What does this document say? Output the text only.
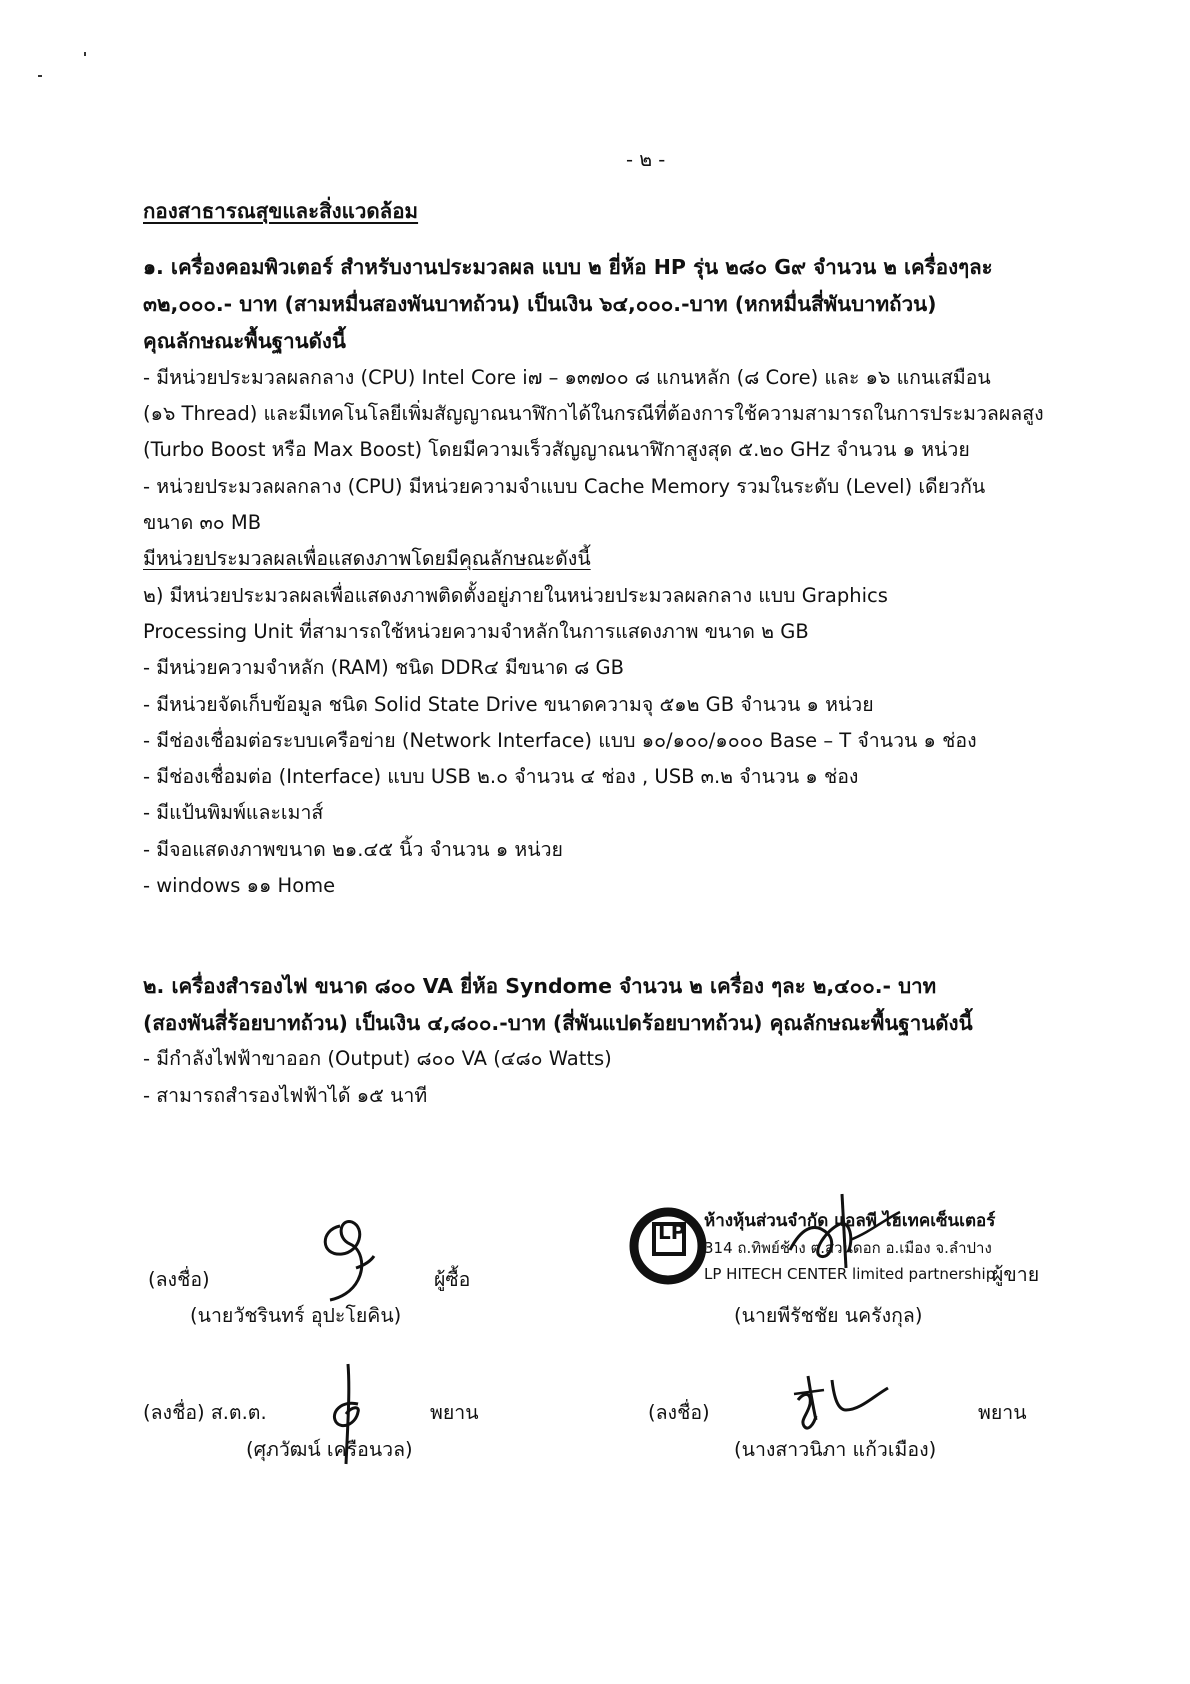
- ๒ -
กองสาธารณสุขและสิ่งแวดล้อม
๑. เครื่องคอมพิวเตอร์ สำหรับงานประมวลผล แบบ ๒ ยี่ห้อ HP รุ่น ๒๘๐ G๙ จำนวน ๒ เครื่องๆละ
๓๒,๐๐๐.- บาท (สามหมื่นสองพันบาทถ้วน) เป็นเงิน ๖๔,๐๐๐.-บาท (หกหมื่นสี่พันบาทถ้วน)
คุณลักษณะพื้นฐานดังนี้
- มีหน่วยประมวลผลกลาง (CPU) Intel Core i๗ – ๑๓๗๐๐ ๘ แกนหลัก (๘ Core) และ ๑๖ แกนเสมือน
(๑๖ Thread) และมีเทคโนโลยีเพิ่มสัญญาณนาฬิกาได้ในกรณีที่ต้องการใช้ความสามารถในการประมวลผลสูง
(Turbo Boost หรือ Max Boost) โดยมีความเร็วสัญญาณนาฬิกาสูงสุด ๕.๒๐ GHz จำนวน ๑ หน่วย
- หน่วยประมวลผลกลาง (CPU) มีหน่วยความจำแบบ Cache Memory รวมในระดับ (Level) เดียวกัน
ขนาด ๓๐ MB
มีหน่วยประมวลผลเพื่อแสดงภาพโดยมีคุณลักษณะดังนี้
๒) มีหน่วยประมวลผลเพื่อแสดงภาพติดตั้งอยู่ภายในหน่วยประมวลผลกลาง แบบ Graphics
Processing Unit ที่สามารถใช้หน่วยความจำหลักในการแสดงภาพ ขนาด ๒ GB
- มีหน่วยความจำหลัก (RAM) ชนิด DDR๔ มีขนาด ๘ GB
- มีหน่วยจัดเก็บข้อมูล ชนิด Solid State Drive ขนาดความจุ ๕๑๒ GB จำนวน ๑ หน่วย
- มีช่องเชื่อมต่อระบบเครือข่าย (Network Interface) แบบ ๑๐/๑๐๐/๑๐๐๐ Base – T จำนวน ๑ ช่อง
- มีช่องเชื่อมต่อ (Interface) แบบ USB ๒.๐ จำนวน ๔ ช่อง , USB ๓.๒ จำนวน ๑ ช่อง
- มีแป้นพิมพ์และเมาส์
- มีจอแสดงภาพขนาด ๒๑.๔๕ นิ้ว จำนวน ๑ หน่วย
- windows ๑๑ Home
๒. เครื่องสำรองไฟ ขนาด ๘๐๐ VA ยี่ห้อ Syndome จำนวน ๒ เครื่อง ๆละ ๒,๔๐๐.- บาท
(สองพันสี่ร้อยบาทถ้วน) เป็นเงิน ๔,๘๐๐.-บาท (สี่พันแปดร้อยบาทถ้วน) คุณลักษณะพื้นฐานดังนี้
- มีกำลังไฟฟ้าขาออก (Output) ๘๐๐ VA (๔๘๐ Watts)
- สามารถสำรองไฟฟ้าได้ ๑๕ นาที
(ลงชื่อ)	ผู้ซื้อ
(นายวัชรินทร์ อุปะโยคิน)
LP ห้างหุ้นส่วนจำกัด แอลพี ไฮเทคเซ็นเตอร์
314 ถ.ทิพย์ช้าง ต.สวนดอก อ.เมือง จ.ลำปาง
LP HITECH CENTER limited partnership
ผู้ขาย
(นายพีรัชชัย นครังกุล)
(ลงชื่อ) ส.ต.ต.	พยาน
(ศุภวัฒน์ เครือนวล)
(ลงชื่อ)	พยาน
(นางสาวนิภา แก้วเมือง)
